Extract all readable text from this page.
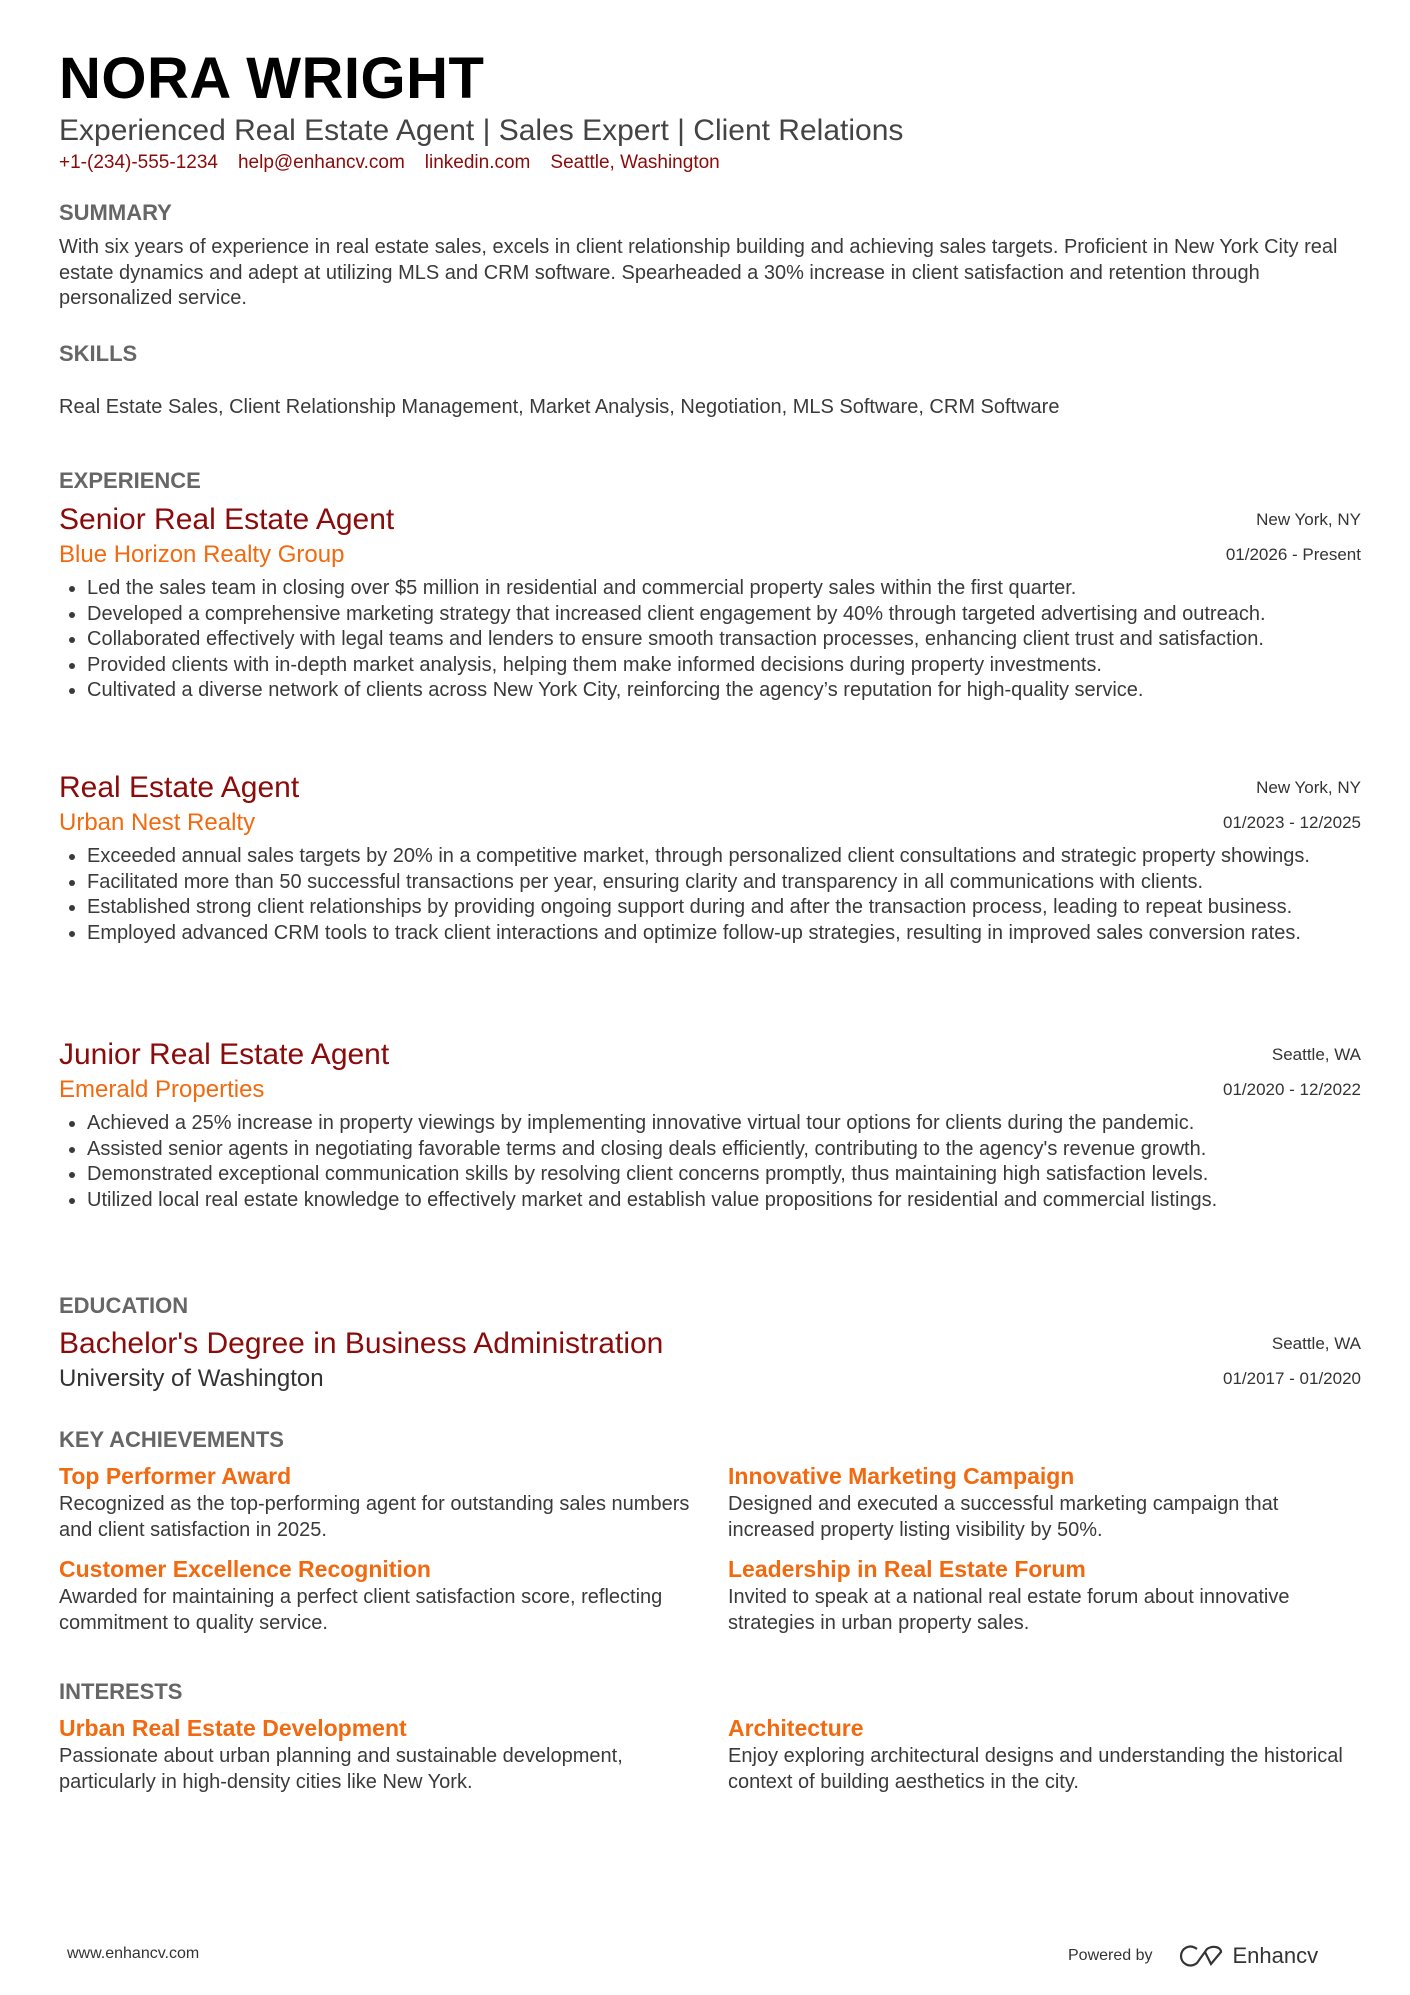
NORA WRIGHT
Experienced Real Estate Agent | Sales Expert | Client Relations
+1-(234)-555-1234 help@enhancv.com linkedin.com Seattle, Washington
SUMMARY
With six years of experience in real estate sales, excels in client relationship building and achieving sales targets. Proficient in New York City real estate dynamics and adept at utilizing MLS and CRM software. Spearheaded a 30% increase in client satisfaction and retention through personalized service.
SKILLS
Real Estate Sales, Client Relationship Management, Market Analysis, Negotiation, MLS Software, CRM Software
EXPERIENCE
Senior Real Estate Agent	New York, NY
Blue Horizon Realty Group	01/2026 - Present
• Led the sales team in closing over $5 million in residential and commercial property sales within the first quarter.
• Developed a comprehensive marketing strategy that increased client engagement by 40% through targeted advertising and outreach.
• Collaborated effectively with legal teams and lenders to ensure smooth transaction processes, enhancing client trust and satisfaction.
• Provided clients with in-depth market analysis, helping them make informed decisions during property investments.
• Cultivated a diverse network of clients across New York City, reinforcing the agency’s reputation for high-quality service.
Real Estate Agent	New York, NY
Urban Nest Realty	01/2023 - 12/2025
• Exceeded annual sales targets by 20% in a competitive market, through personalized client consultations and strategic property showings.
• Facilitated more than 50 successful transactions per year, ensuring clarity and transparency in all communications with clients.
• Established strong client relationships by providing ongoing support during and after the transaction process, leading to repeat business.
• Employed advanced CRM tools to track client interactions and optimize follow-up strategies, resulting in improved sales conversion rates.
Junior Real Estate Agent	Seattle, WA
Emerald Properties	01/2020 - 12/2022
• Achieved a 25% increase in property viewings by implementing innovative virtual tour options for clients during the pandemic.
• Assisted senior agents in negotiating favorable terms and closing deals efficiently, contributing to the agency's revenue growth.
• Demonstrated exceptional communication skills by resolving client concerns promptly, thus maintaining high satisfaction levels.
• Utilized local real estate knowledge to effectively market and establish value propositions for residential and commercial listings.
EDUCATION
Bachelor's Degree in Business Administration	Seattle, WA
University of Washington	01/2017 - 01/2020
KEY ACHIEVEMENTS
Top Performer Award
Recognized as the top-performing agent for outstanding sales numbers and client satisfaction in 2025.
Innovative Marketing Campaign
Designed and executed a successful marketing campaign that increased property listing visibility by 50%.
Customer Excellence Recognition
Awarded for maintaining a perfect client satisfaction score, reflecting commitment to quality service.
Leadership in Real Estate Forum
Invited to speak at a national real estate forum about innovative strategies in urban property sales.
INTERESTS
Urban Real Estate Development
Passionate about urban planning and sustainable development, particularly in high-density cities like New York.
Architecture
Enjoy exploring architectural designs and understanding the historical context of building aesthetics in the city.
www.enhancv.com	Powered by	Enhancv
